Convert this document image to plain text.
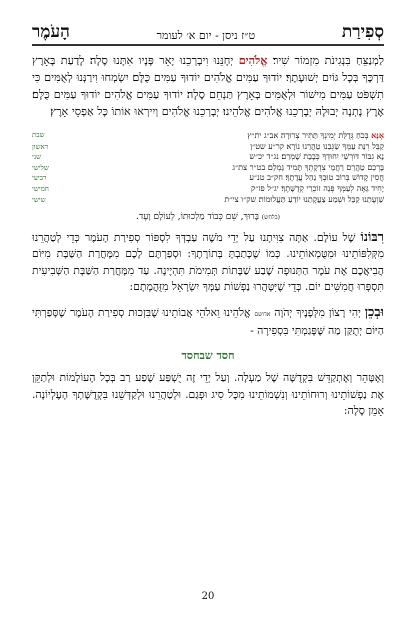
סְפִירַת
ט״ז ניסן - יום א׳ לעומר
הָעֹמֶר
לַמְנַצֵּחַ בִּנְגִינֹת מִזְמוֹר שִׁיר׃ אֱלֹהִים יְחָנֵּנוּ וִיבָרְכֵנוּ יָאֵר פָּנָיו אִתָּנוּ סֶלָה׃ לָדַעַת בָּאָרֶץ דַּרְכֶּךָ בְּכָל גּוֹיִם יְשׁוּעָתֶךָ׃ יוֹדוּךָ עַמִּים אֱלֹהִים יוֹדוּךָ עַמִּים כֻּלָּם׃ יִשְׂמְחוּ וִירַנְּנוּ לְאֻמִּים כִּי תִשְׁפֹּט עַמִּים מִישׁוֹר וּלְאֻמִּים בָּאָרֶץ תַּנְחֵם סֶלָה׃ יוֹדוּךָ עַמִּים אֱלֹהִים יוֹדוּךָ עַמִּים כֻּלָּם׃ אֶרֶץ נָתְנָה יְבוּלָהּ יְבָרְכֵנוּ אֱלֹהִים אֱלֹהֵינוּ׃ יְבָרְכֵנוּ אֱלֹהִים וְיִירְאוּ אוֹתוֹ כָּל אַפְסֵי אָרֶץ׃
אָנָּא בְּכֹחַ גְּדֻלַּת יְמִינְךָ תַּתִּיר צְרוּרָה׃ אב״ג ית״ץ	שבת
קַבֵּל רִנַּת עַמְּךָ שַׂגְּבֵנוּ טַהֲרֵנוּ נוֹרָא׃ קר״ע שט״ן	ראשון
נָא גִבּוֹר דּוֹרְשֵׁי יִחוּדְךָ כְּבָבַת שָׁמְרֵם׃ נג״ד יכ״ש	שני
בָּרְכֵם טַהֲרֵם רַחֲמֵי צִדְקָתְךָ תָּמִיד גָּמְלֵם׃ בט״ר צת״ג	שלישי
חֲסִין קָדוֹשׁ בְּרוֹב טוּבְךָ נַהֵל עֲדָתֶךָ׃ חק״ב טנ״ע	רביעי
יָחִיד גֵּאֶה לְעַמְּךָ פְּנֵה זוֹכְרֵי קְדֻשָּׁתֶךָ׃ יג״ל פז״ק	חמישי
שַׁוְעָתֵנוּ קַבֵּל וּשְׁמַע צַעֲקָתֵנוּ יוֹדֵעַ תַּעֲלוּמוֹת׃ שק״ו צי״ת	שישי
(בלחש) בָּרוּךְ, שֵׁם כְּבוֹד מַלְכוּתוֹ, לְעוֹלָם וָעֶד.
רִבּוֹנוֹ שֶׁל עוֹלָם. אַתָּה צִוִּיתָנוּ עַל יְדֵי מֹשֶׁה עַבְדְּךָ לִסְפּוֹר סְפִירַת הָעֹמֶר כְּדֵי לְטַהֲרֵנוּ מִקְּלִפּוֹתֵינוּ וּמִטֻּמְאוֹתֵינוּ. כְּמוֹ שֶׁכָּתַבְתָּ בְּתוֹרָתֶךָ: וּסְפַרְתֶּם לָכֶם מִמָּחֳרַת הַשַּׁבָּת מִיּוֹם הֲבִיאֲכֶם אֶת עֹמֶר הַתְּנוּפָה שֶׁבַע שַׁבָּתוֹת תְּמִימֹת תִּהְיֶינָה. עַד מִמָּחֳרַת הַשַּׁבָּת הַשְּׁבִיעִית תִּסְפְּרוּ חֲמִשִּׁים יוֹם. כְּדֵי שֶׁיִּטָּהֲרוּ נַפְשׁוֹת עַמְּךָ יִשְׂרָאֵל מִזֻּהֲמָתָם:
וּבְכֵן יְהִי רָצוֹן מִלְּפָנֶיךָ יְהֹוָה אדושם אֱלֹהֵינוּ וֵאלֹהֵי אֲבוֹתֵינוּ שֶׁבִּזְכוּת סְפִירַת הָעֹמֶר שֶׁסָּפַרְתִּי הַיּוֹם יְתֻקַּן מַה שֶּׁפָּגַמְתִּי בִּסְפִירָה -
חסד שבחסד
וְאֶטָּהֵר וְאֶתְקַדֵּשׁ בִּקְדֻשָּׁה שֶׁל מַעְלָה. וְעַל יְדֵי זֶה יֻשְׁפַּע שֶׁפַע רַב בְּכָל הָעוֹלָמוֹת וּלְתַקֵּן אֶת נַפְשׁוֹתֵינוּ וְרוּחוֹתֵינוּ וְנִשְׁמוֹתֵינוּ מִכָּל סִיג וּפְגַם. וּלְטַהֲרֵנוּ וּלְקַדְּשֵׁנוּ בִּקְדֻשָּׁתְךָ הָעֶלְיוֹנָה. אָמֵן סֶלָה:
20
